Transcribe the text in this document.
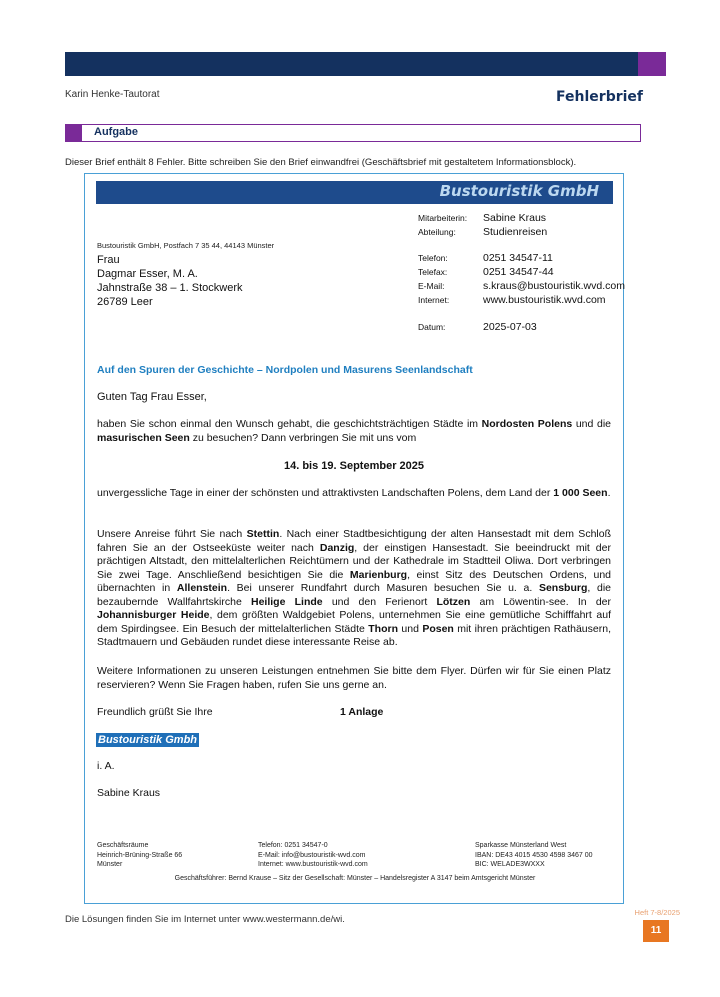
Fehlersuchaufgabe
Karin Henke-Tautorat	Fehlerbrief
Aufgabe
Dieser Brief enthält 8 Fehler. Bitte schreiben Sie den Brief einwandfrei (Geschäftsbrief mit gestaltetem Informationsblock).
Bustouristik GmbH
Bustouristik GmbH, Postfach 7 35 44, 44143 Münster
Frau
Dagmar Esser, M. A.
Jahnstraße 38 – 1. Stockwerk
26789 Leer
Mitarbeiterin: Sabine Kraus
Abteilung:	Studienreisen
Telefon:	0251 34547-11
Telefax:	0251 34547-44
E-Mail:	s.kraus@bustouristik.wvd.com
Internet:	www.bustouristik.wvd.com
Datum:	2025-07-03
Auf den Spuren der Geschichte – Nordpolen und Masurens Seenlandschaft
Guten Tag Frau Esser,

haben Sie schon einmal den Wunsch gehabt, die geschichtsträchtigen Städte im Nordosten Polens und die masurischen Seen zu besuchen? Dann verbringen Sie mit uns vom

14. bis 19. September 2025

unvergessliche Tage in einer der schönsten und attraktivsten Landschaften Polens, dem Land der 1 000 Seen.

Unsere Anreise führt Sie nach Stettin. Nach einer Stadtbesichtigung der alten Hansestadt mit dem Schloß fahren Sie an der Ostseeküste weiter nach Danzig, der einstigen Hansestadt. Sie beeindruckt mit der prächtigen Altstadt, den mittelalterlichen Reichtümern und der Kathedrale im Stadtteil Oliwa. Dort verbringen Sie zwei Tage. Anschließend besichtigen Sie die Marienburg, einst Sitz des Deutschen Ordens, und übernachten in Allenstein. Bei unserer Rundfahrt durch Masuren besuchen Sie u. a. Sensburg, die bezaubernde Wallfahrtskirche Heilige Linde und den Ferienort Lötzen am Löwentin-see. In der Johannisburger Heide, dem größten Waldgebiet Polens, unternehmen Sie eine gemütliche Schifffahrt auf dem Spirdingsee. Ein Besuch der mittelalterlichen Städte Thorn und Posen mit ihren prächtigen Rathäusern, Stadtmauern und Gebäuden rundet diese interessante Reise ab.

Weitere Informationen zu unseren Leistungen entnehmen Sie bitte dem Flyer. Dürfen wir für Sie einen Platz reservieren? Wenn Sie Fragen haben, rufen Sie uns gerne an.

Freundlich grüßt Sie Ihre	1 Anlage
Bustouristik Gmbh
i. A.
Sabine Kraus
Geschäftsräume
Heinrich-Brüning-Straße 66
Münster
Telefon: 0251 34547-0
E-Mail: info@bustouristik-wvd.com
Internet: www.bustouristik-wvd.com
Sparkasse Münsterland West
IBAN: DE43 4015 4530 4598 3467 00
BIC: WELADE3WXXX
Geschäftsführer: Bernd Krause – Sitz der Gesellschaft: Münster – Handelsregister A 3147 beim Amtsgericht Münster
Die Lösungen finden Sie im Internet unter www.westermann.de/wi.
Heft 7-8/2025
11
